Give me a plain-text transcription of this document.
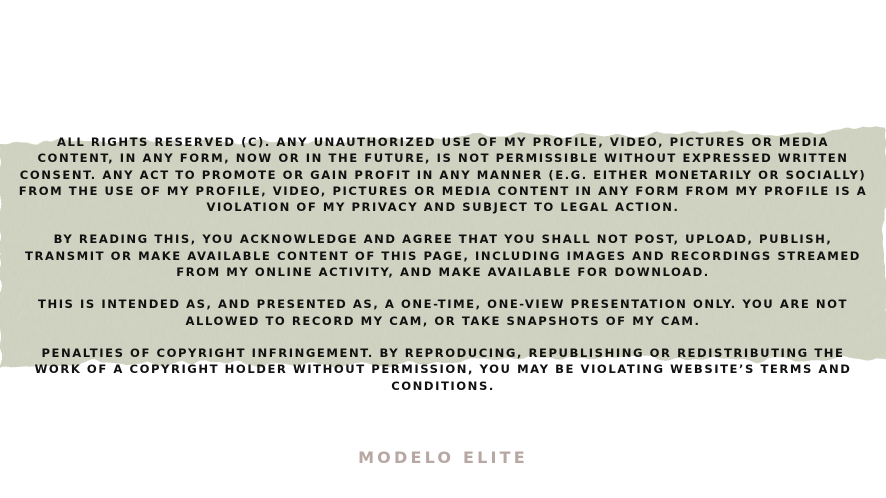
ALL RIGHTS RESERVED (C). ANY UNAUTHORIZED USE OF MY PROFILE, VIDEO, PICTURES OR MEDIA CONTENT, IN ANY FORM, NOW OR IN THE FUTURE, IS NOT PERMISSIBLE WITHOUT EXPRESSED WRITTEN CONSENT. ANY ACT TO PROMOTE OR GAIN PROFIT IN ANY MANNER (E.G. EITHER MONETARILY OR SOCIALLY) FROM THE USE OF MY PROFILE, VIDEO, PICTURES OR MEDIA CONTENT IN ANY FORM FROM MY PROFILE IS A VIOLATION OF MY PRIVACY AND SUBJECT TO LEGAL ACTION.

BY READING THIS, YOU ACKNOWLEDGE AND AGREE THAT YOU SHALL NOT POST, UPLOAD, PUBLISH, TRANSMIT OR MAKE AVAILABLE CONTENT OF THIS PAGE, INCLUDING IMAGES AND RECORDINGS STREAMED FROM MY ONLINE ACTIVITY, AND MAKE AVAILABLE FOR DOWNLOAD.

THIS IS INTENDED AS, AND PRESENTED AS, A ONE-TIME, ONE-VIEW PRESENTATION ONLY. YOU ARE NOT ALLOWED TO RECORD MY CAM, OR TAKE SNAPSHOTS OF MY CAM.

PENALTIES OF COPYRIGHT INFRINGEMENT. BY REPRODUCING, REPUBLISHING OR REDISTRIBUTING THE WORK OF A COPYRIGHT HOLDER WITHOUT PERMISSION, YOU MAY BE VIOLATING WEBSITE’S TERMS AND CONDITIONS.

MODELO ELITE
